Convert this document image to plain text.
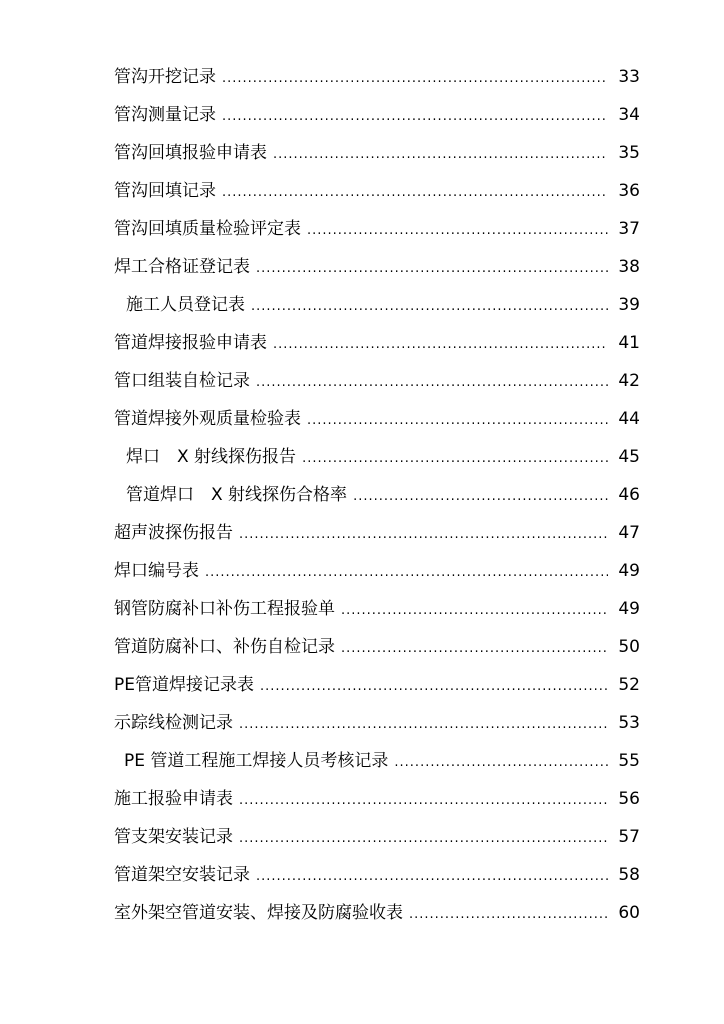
管沟开挖记录 .....	33
管沟测量记录 .....	34
管沟回填报验申请表 .....	35
管沟回填记录 .....	36
管沟回填质量检验评定表 .....	37
焊工合格证登记表 .....	38
施工人员登记表 .....	39
管道焊接报验申请表 .....	41
管口组装自检记录 .....	42
管道焊接外观质量检验表 .....	44
焊口　X 射线探伤报告 .....	45
管道焊口　X 射线探伤合格率 .....	46
超声波探伤报告 .....	47
焊口编号表 .....	49
钢管防腐补口补伤工程报验单 .....	49
管道防腐补口、补伤自检记录 .....	50
PE管道焊接记录表 .....	52
示踪线检测记录 .....	53
PE 管道工程施工焊接人员考核记录 .....	55
施工报验申请表 .....	56
管支架安装记录 .....	57
管道架空安装记录 .....	58
室外架空管道安装、焊接及防腐验收表 .....	60
